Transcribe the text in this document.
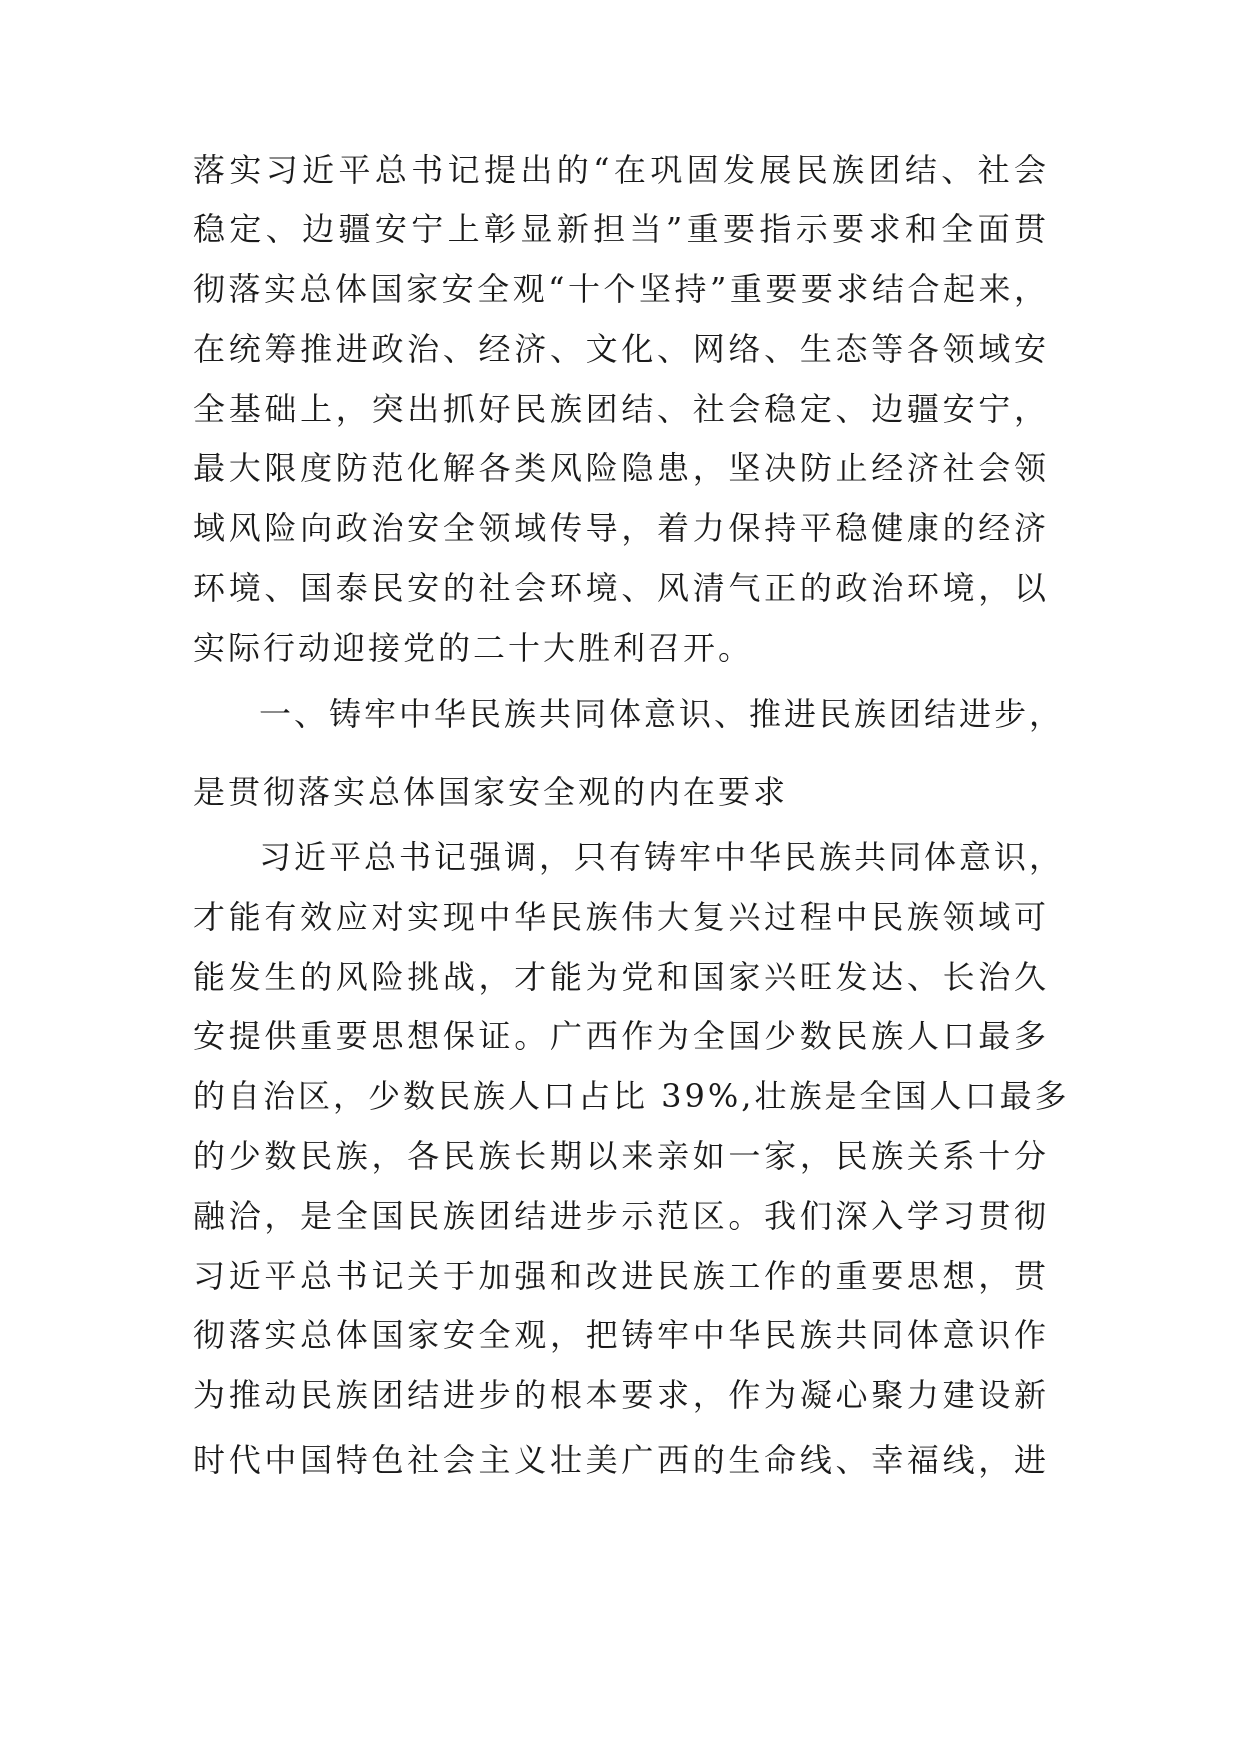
落实习近平总书记提出的“在巩固发展民族团结、社会
稳定、边疆安宁上彰显新担当”重要指示要求和全面贯
彻落实总体国家安全观“十个坚持”重要要求结合起来，
在统筹推进政治、经济、文化、网络、生态等各领域安
全基础上，突出抓好民族团结、社会稳定、边疆安宁，
最大限度防范化解各类风险隐患，坚决防止经济社会领
域风险向政治安全领域传导，着力保持平稳健康的经济
环境、国泰民安的社会环境、风清气正的政治环境，以
实际行动迎接党的二十大胜利召开。
一、铸牢中华民族共同体意识、推进民族团结进步，
是贯彻落实总体国家安全观的内在要求
习近平总书记强调，只有铸牢中华民族共同体意识，
才能有效应对实现中华民族伟大复兴过程中民族领域可
能发生的风险挑战，才能为党和国家兴旺发达、长治久
安提供重要思想保证。广西作为全国少数民族人口最多
的自治区，少数民族人口占比 39%,壮族是全国人口最多
的少数民族，各民族长期以来亲如一家，民族关系十分
融洽，是全国民族团结进步示范区。我们深入学习贯彻
习近平总书记关于加强和改进民族工作的重要思想，贯
彻落实总体国家安全观，把铸牢中华民族共同体意识作
为推动民族团结进步的根本要求，作为凝心聚力建设新
时代中国特色社会主义壮美广西的生命线、幸福线，进
